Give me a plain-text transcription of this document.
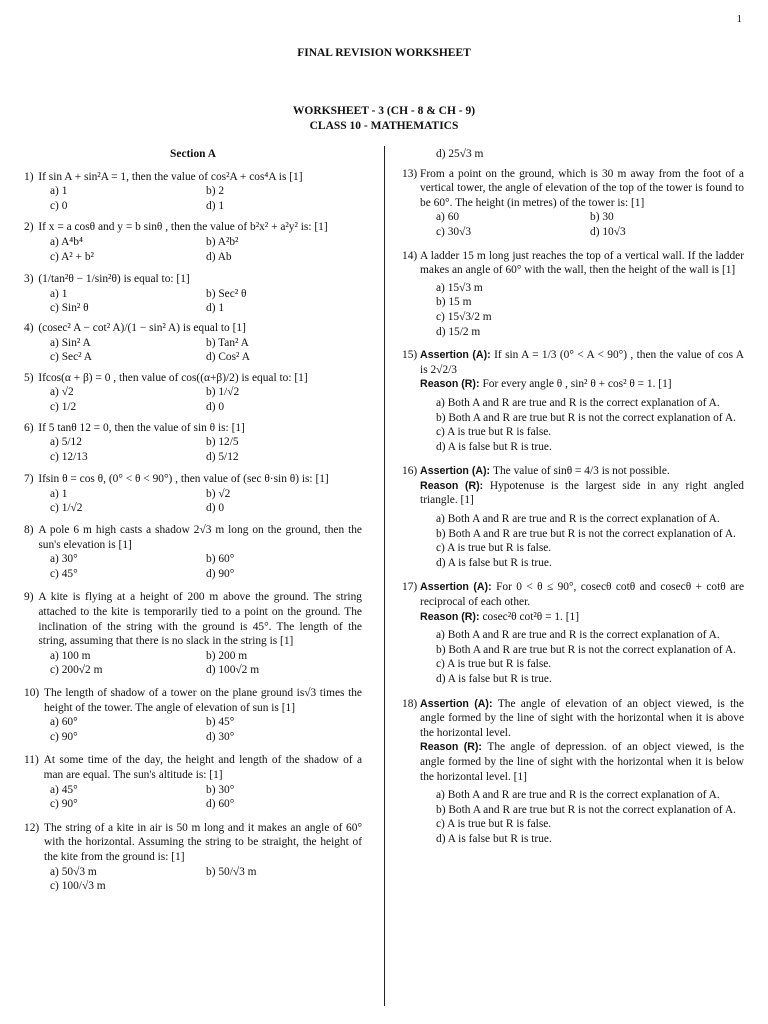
1
FINAL REVISION WORKSHEET
WORKSHEET - 3 (CH - 8 & CH - 9)
CLASS 10 - MATHEMATICS
Section A
1) If sin A + sin²A = 1, then the value of cos²A + cos⁴A is [1]
a) 1	b) 2
c) 0	d) 1
2) If x = a cosθ and y = b sinθ , then the value of b²x² + a²y² is: [1]
a) A⁴b⁴	b) A²b²
c) A² + b²	d) Ab
3) (1/tan²θ − 1/sin²θ) is equal to: [1]
a) 1	b) Sec² θ
c) Sin² θ	d) 1
4) (cosec² A − cot² A)/(1 − sin² A) is equal to [1]
a) Sin² A	b) Tan² A
c) Sec² A	d) Cos² A
5) Ifcos(α + β) = 0 , then value of cos((α+β)/2) is equal to: [1]
a) √2	b) 1/√2
c) 1/2	d) 0
6) If 5 tanθ 12 = 0, then the value of sin θ is: [1]
a) 5/12	b) 12/5
c) 12/13	d) 5/12
7) Ifsin θ = cos θ, (0° < θ < 90°) , then value of (sec θ·sin θ) is: [1]
a) 1	b) √2
c) 1/√2	d) 0
8) A pole 6 m high casts a shadow 2√3 m long on the ground, then the sun's elevation is [1]
a) 30°	b) 60°
c) 45°	d) 90°
9) A kite is flying at a height of 200 m above the ground. The string attached to the kite is temporarily tied to a point on the ground. The inclination of the string with the ground is 45°. The length of the string, assuming that there is no slack in the string is [1]
a) 100 m	b) 200 m
c) 200√2 m	d) 100√2 m
10) The length of shadow of a tower on the plane ground is√3 times the height of the tower. The angle of elevation of sun is [1]
a) 60°	b) 45°
c) 90°	d) 30°
11) At some time of the day, the height and length of the shadow of a man are equal. The sun's altitude is: [1]
a) 45°	b) 30°
c) 90°	d) 60°
12) The string of a kite in air is 50 m long and it makes an angle of 60° with the horizontal. Assuming the string to be straight, the height of the kite from the ground is: [1]
a) 50√3 m	b) 50/√3 m
c) 100/√3 m
d) 25√3 m
13) From a point on the ground, which is 30 m away from the foot of a vertical tower, the angle of elevation of the top of the tower is found to be 60°. The height (in metres) of the tower is: [1]
a) 60	b) 30
c) 30√3	d) 10√3
14) A ladder 15 m long just reaches the top of a vertical wall. If the ladder makes an angle of 60° with the wall, then the height of the wall is [1]
a) 15√3 m
b) 15 m
c) 15√3/2 m
d) 15/2 m
15) Assertion (A): If sin A = 1/3 (0° < A < 90°) , then the value of cos A is 2√2/3
Reason (R): For every angle θ , sin² θ + cos² θ = 1. [1]
a) Both A and R are true and R is the correct explanation of A.
b) Both A and R are true but R is not the correct explanation of A.
c) A is true but R is false.
d) A is false but R is true.
16) Assertion (A): The value of sinθ = 4/3 is not possible.
Reason (R): Hypotenuse is the largest side in any right angled triangle. [1]
a) Both A and R are true and R is the correct explanation of A.
b) Both A and R are true but R is not the correct explanation of A.
c) A is true but R is false.
d) A is false but R is true.
17) Assertion (A): For 0 < θ ≤ 90°, cosecθ cotθ and cosecθ + cotθ are reciprocal of each other.
Reason (R): cosec²θ cot²θ = 1. [1]
a) Both A and R are true and R is the correct explanation of A.
b) Both A and R are true but R is not the correct explanation of A.
c) A is true but R is false.
d) A is false but R is true.
18) Assertion (A): The angle of elevation of an object viewed, is the angle formed by the line of sight with the horizontal when it is above the horizontal level.
Reason (R): The angle of depression. of an object viewed, is the angle formed by the line of sight with the horizontal when it is below the horizontal level. [1]
a) Both A and R are true and R is the correct explanation of A.
b) Both A and R are true but R is not the correct explanation of A.
c) A is true but R is false.
d) A is false but R is true.
